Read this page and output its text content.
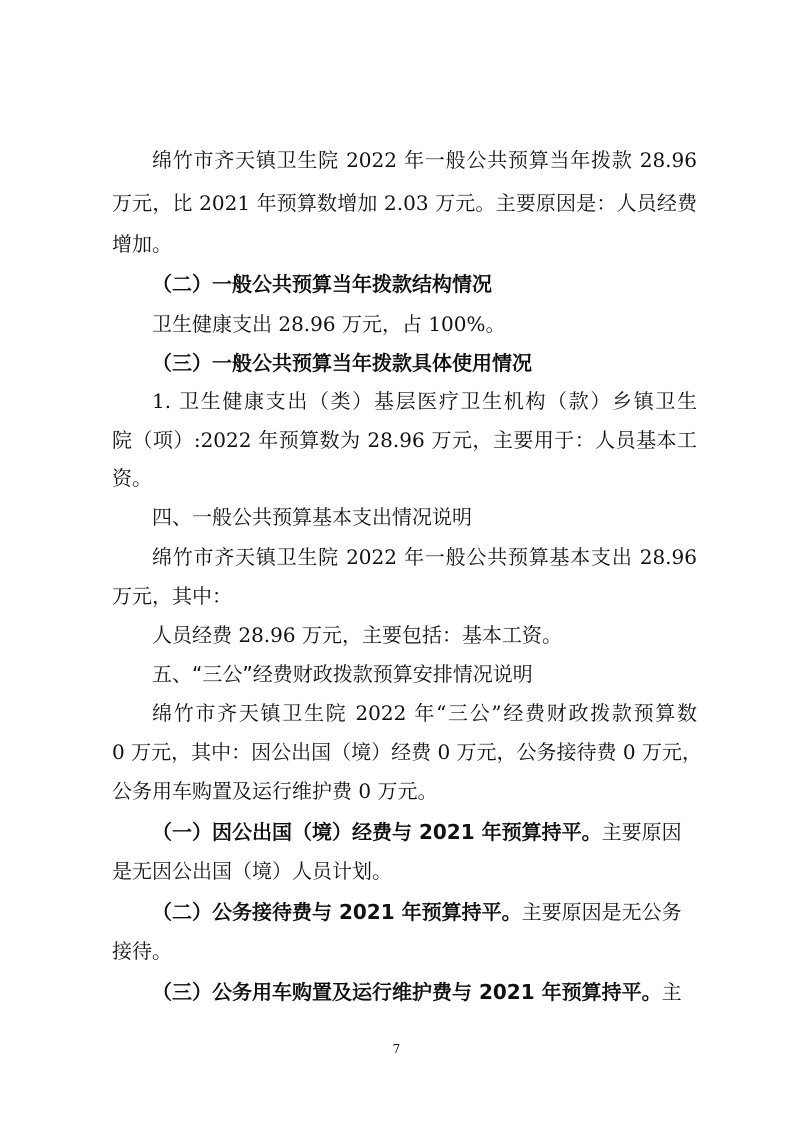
绵竹市齐天镇卫生院 2022 年一般公共预算当年拨款 28.96
万元，比 2021 年预算数增加 2.03 万元。主要原因是：人员经费
增加。
（二）一般公共预算当年拨款结构情况
卫生健康支出 28.96 万元，占 100%。
（三）一般公共预算当年拨款具体使用情况
1. 卫生健康支出（类）基层医疗卫生机构（款）乡镇卫生
院（项）:2022 年预算数为 28.96 万元，主要用于：人员基本工
资。
四、一般公共预算基本支出情况说明
绵竹市齐天镇卫生院 2022 年一般公共预算基本支出 28.96
万元，其中：
人员经费 28.96 万元，主要包括：基本工资。
五、“三公”经费财政拨款预算安排情况说明
绵竹市齐天镇卫生院 2022 年“三公”经费财政拨款预算数
0 万元，其中：因公出国（境）经费 0 万元，公务接待费 0 万元，
公务用车购置及运行维护费 0 万元。
（一）因公出国（境）经费与 2021 年预算持平。主要原因
是无因公出国（境）人员计划。
（二）公务接待费与 2021 年预算持平。主要原因是无公务
接待。
（三）公务用车购置及运行维护费与 2021 年预算持平。主
7
